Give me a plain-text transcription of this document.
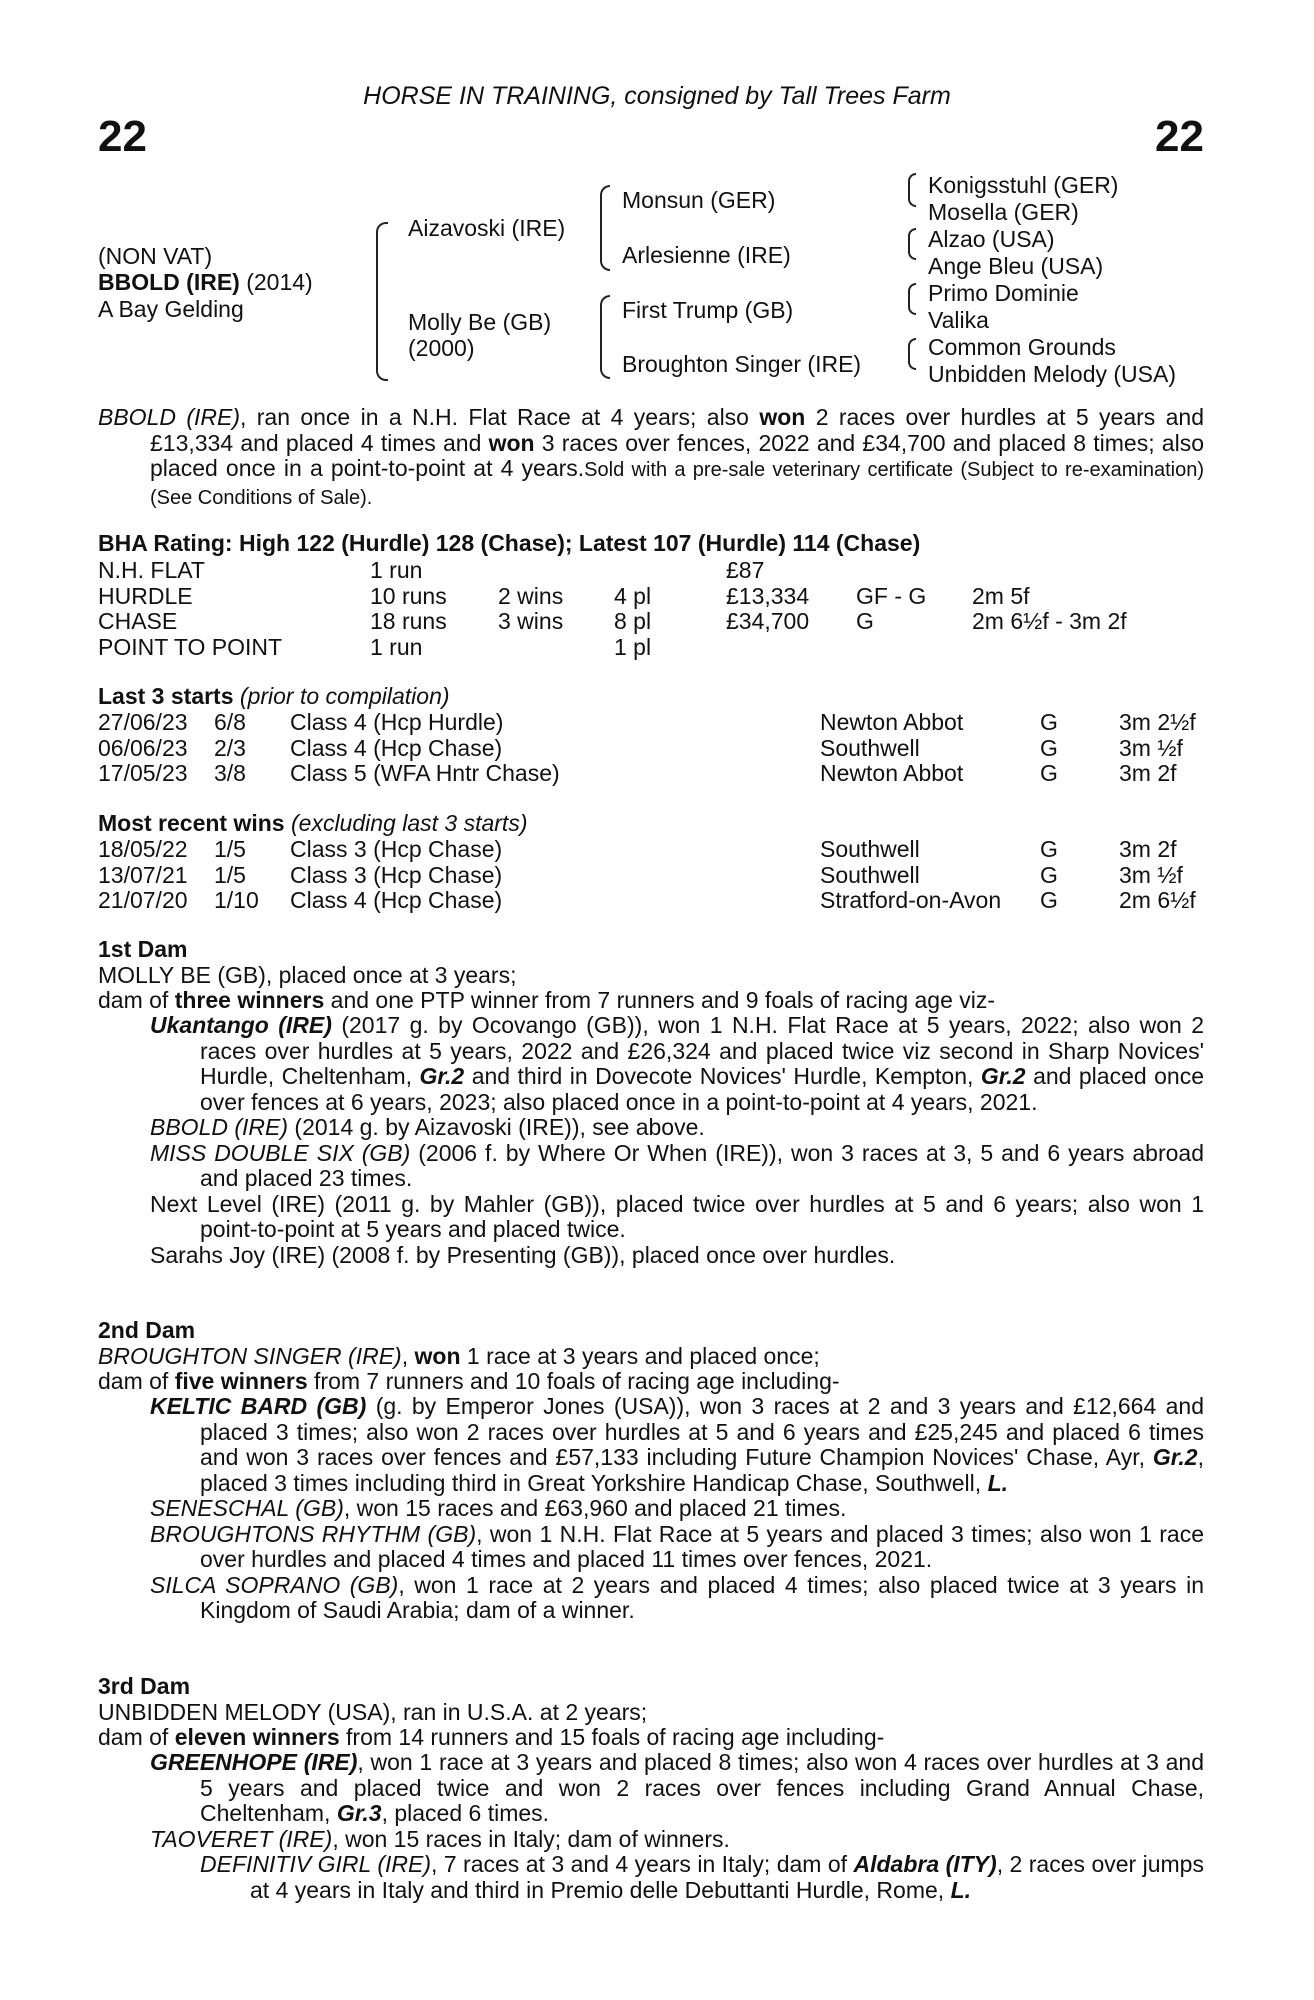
HORSE IN TRAINING, consigned by Tall Trees Farm
22	22
(NON VAT)
BBOLD (IRE) (2014)
A Bay Gelding
Aizavoski (IRE)
Molly Be (GB)
(2000)
Monsun (GER)
Arlesienne (IRE)
First Trump (GB)
Broughton Singer (IRE)
Konigsstuhl (GER)
Mosella (GER)
Alzao (USA)
Ange Bleu (USA)
Primo Dominie
Valika
Common Grounds
Unbidden Melody (USA)
BBOLD (IRE), ran once in a N.H. Flat Race at 4 years; also won 2 races over hurdles at 5 years and £13,334 and placed 4 times and won 3 races over fences, 2022 and £34,700 and placed 8 times; also placed once in a point-to-point at 4 years.Sold with a pre-sale veterinary certificate (Subject to re-examination) (See Conditions of Sale).
BHA Rating: High 122 (Hurdle) 128 (Chase); Latest 107 (Hurdle) 114 (Chase)
N.H. FLAT	1 run	£87
HURDLE	10 runs 2 wins 4 pl	£13,334 GF - G 2m 5f
CHASE	18 runs 3 wins 8 pl	£34,700 G	2m 6½f - 3m 2f
POINT TO POINT	1 run	1 pl
Last 3 starts (prior to compilation)
27/06/23 6/8 Class 4 (Hcp Hurdle)	Newton Abbot	G	3m 2½f
06/06/23 2/3 Class 4 (Hcp Chase)	Southwell	G	3m ½f
17/05/23 3/8 Class 5 (WFA Hntr Chase)	Newton Abbot	G	3m 2f
Most recent wins (excluding last 3 starts)
18/05/22 1/5 Class 3 (Hcp Chase)	Southwell	G	3m 2f
13/07/21 1/5 Class 3 (Hcp Chase)	Southwell	G	3m ½f
21/07/20 1/10 Class 4 (Hcp Chase)	Stratford-on-Avon G	2m 6½f
1st Dam
MOLLY BE (GB), placed once at 3 years;
dam of three winners and one PTP winner from 7 runners and 9 foals of racing age viz-
Ukantango (IRE) (2017 g. by Ocovango (GB)), won 1 N.H. Flat Race at 5 years, 2022; also won 2 races over hurdles at 5 years, 2022 and £26,324 and placed twice viz second in Sharp Novices' Hurdle, Cheltenham, Gr.2 and third in Dovecote Novices' Hurdle, Kempton, Gr.2 and placed once over fences at 6 years, 2023; also placed once in a point-to-point at 4 years, 2021.
BBOLD (IRE) (2014 g. by Aizavoski (IRE)), see above.
MISS DOUBLE SIX (GB) (2006 f. by Where Or When (IRE)), won 3 races at 3, 5 and 6 years abroad and placed 23 times.
Next Level (IRE) (2011 g. by Mahler (GB)), placed twice over hurdles at 5 and 6 years; also won 1 point-to-point at 5 years and placed twice.
Sarahs Joy (IRE) (2008 f. by Presenting (GB)), placed once over hurdles.
2nd Dam
BROUGHTON SINGER (IRE), won 1 race at 3 years and placed once;
dam of five winners from 7 runners and 10 foals of racing age including-
KELTIC BARD (GB) (g. by Emperor Jones (USA)), won 3 races at 2 and 3 years and £12,664 and placed 3 times; also won 2 races over hurdles at 5 and 6 years and £25,245 and placed 6 times and won 3 races over fences and £57,133 including Future Champion Novices' Chase, Ayr, Gr.2, placed 3 times including third in Great Yorkshire Handicap Chase, Southwell, L.
SENESCHAL (GB), won 15 races and £63,960 and placed 21 times.
BROUGHTONS RHYTHM (GB), won 1 N.H. Flat Race at 5 years and placed 3 times; also won 1 race over hurdles and placed 4 times and placed 11 times over fences, 2021.
SILCA SOPRANO (GB), won 1 race at 2 years and placed 4 times; also placed twice at 3 years in Kingdom of Saudi Arabia; dam of a winner.
3rd Dam
UNBIDDEN MELODY (USA), ran in U.S.A. at 2 years;
dam of eleven winners from 14 runners and 15 foals of racing age including-
GREENHOPE (IRE), won 1 race at 3 years and placed 8 times; also won 4 races over hurdles at 3 and 5 years and placed twice and won 2 races over fences including Grand Annual Chase, Cheltenham, Gr.3, placed 6 times.
TAOVERET (IRE), won 15 races in Italy; dam of winners.
DEFINITIV GIRL (IRE), 7 races at 3 and 4 years in Italy; dam of Aldabra (ITY), 2 races over jumps at 4 years in Italy and third in Premio delle Debuttanti Hurdle, Rome, L.
